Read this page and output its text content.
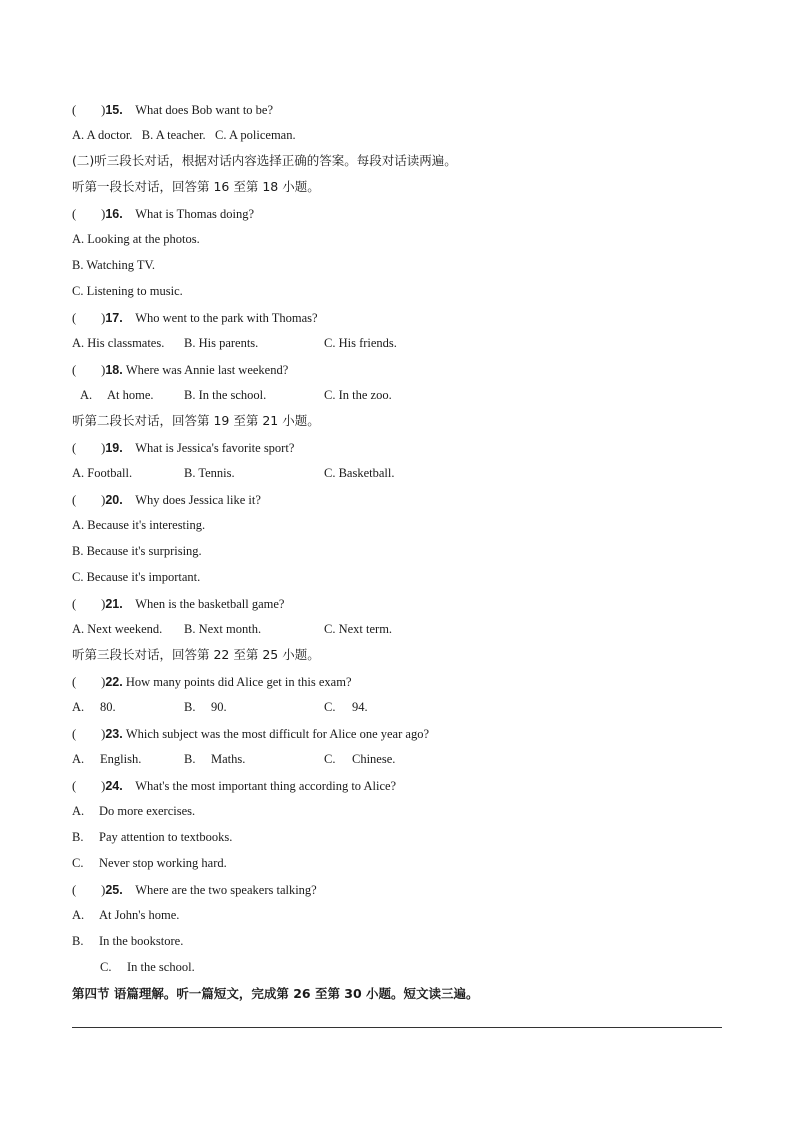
(        )15. What does Bob want to be?
A. A doctor. B. A teacher. C. A policeman.
(二)听三段长对话，根据对话内容选择正确的答案。每段对话读两遍。
听第一段长对话，回答第 16 至第 18 小题。
(        )16. What is Thomas doing?
A. Looking at the photos.
B. Watching TV.
C. Listening to music.
(        )17. Who went to the park with Thomas?
A. His classmates. B. His parents.	C. His friends.
(        )18. Where was Annie last weekend?
A. At home. B. In the school.	C. In the zoo.
听第二段长对话，回答第 19 至第 21 小题。
(        )19. What is Jessica's favorite sport?
A. Football.	B. Tennis.	C. Basketball.
(        )20. Why does Jessica like it?
A. Because it's interesting.
B. Because it's surprising.
C. Because it's important.
(        )21. When is the basketball game?
A. Next weekend. B. Next month.	C. Next term.
听第三段长对话，回答第 22 至第 25 小题。
(        )22. How many points did Alice get in this exam?
A. 80.	B. 90.	C. 94.
(        )23. Which subject was the most difficult for Alice one year ago?
A. English.	B. Maths.	C. Chinese.
(        )24. What's the most important thing according to Alice?
A. Do more exercises.
B. Pay attention to textbooks.
C. Never stop working hard.
(        )25. Where are the two speakers talking?
A. At John's home.
B. In the bookstore.
C. In the school.
第四节 语篇理解。听一篇短文，完成第 26 至第 30 小题。短文读三遍。
